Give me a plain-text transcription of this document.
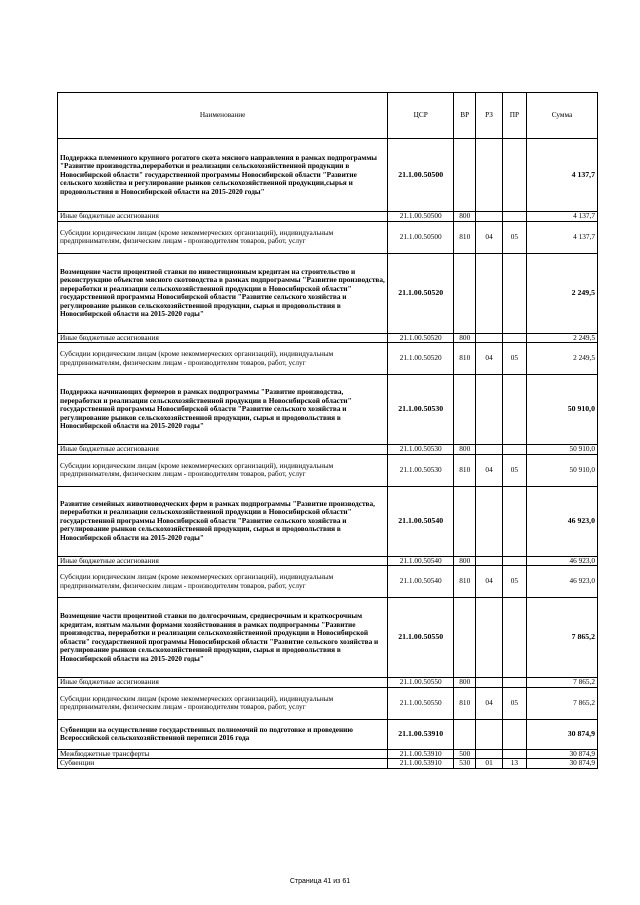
Наименование	ЦСР	ВР	РЗ	ПР	Сумма
Поддержка племенного крупного рогатого скота мясного направления в рамках подпрограммы "Развитие производства,переработки и реализации сельскохозяйственной продукции в Новосибирской области" государственной программы Новосибирской области "Развитие сельского хозяйства и регулирование рынков сельскохозяйственной продукции,сырья и продовольствия в Новосибирской области на 2015-2020 годы"	21.1.00.50500				4 137,7
Иные бюджетные ассигнования	21.1.00.50500	800			4 137,7
Субсидии юридическим лицам (кроме некоммерческих организаций), индивидуальным предпринимателям, физическим лицам - производителям товаров, работ, услуг	21.1.00.50500	810	04	05	4 137,7
Возмещение части процентной ставки по инвестиционным кредитам на строительство и реконструкцию объектов мясного скотоводства в рамках подпрограммы "Развитие производства, переработки и реализации сельскохозяйственной продукции в Новосибирской области" государственной программы Новосибирской области "Развитие сельского хозяйства и регулирование рынков сельскохозяйственной продукции, сырья и продовольствия в Новосибирской области на 2015-2020 годы"	21.1.00.50520				2 249,5
Иные бюджетные ассигнования	21.1.00.50520	800			2 249,5
Субсидии юридическим лицам (кроме некоммерческих организаций), индивидуальным предпринимателям, физическим лицам - производителям товаров, работ, услуг	21.1.00.50520	810	04	05	2 249,5
Поддержка начинающих фермеров в рамках подпрограммы "Развитие производства, переработки и реализации сельскохозяйственной продукции в Новосибирской области" государственной программы Новосибирской области "Развитие сельского хозяйства и регулирование рынков сельскохозяйственной продукции, сырья и продовольствия в Новосибирской области на 2015-2020 годы"	21.1.00.50530				50 910,0
Иные бюджетные ассигнования	21.1.00.50530	800			50 910,0
Субсидии юридическим лицам (кроме некоммерческих организаций), индивидуальным предпринимателям, физическим лицам - производителям товаров, работ, услуг	21.1.00.50530	810	04	05	50 910,0
Развитие семейных животноводческих ферм в рамках подпрограммы "Развитие производства, переработки и реализации сельскохозяйственной продукции в Новосибирской области" государственной программы Новосибирской области "Развитие сельского хозяйства и регулирование рынков сельскохозяйственной продукции, сырья и продовольствия в Новосибирской области на 2015-2020 годы"	21.1.00.50540				46 923,0
Иные бюджетные ассигнования	21.1.00.50540	800			46 923,0
Субсидии юридическим лицам (кроме некоммерческих организаций), индивидуальным предпринимателям, физическим лицам - производителям товаров, работ, услуг	21.1.00.50540	810	04	05	46 923,0
Возмещение части процентной ставки по долгосрочным, среднесрочным и краткосрочным кредитам, взятым малыми формами хозяйствования в рамках подпрограммы "Развитие производства, переработки и реализации сельскохозяйственной продукции в Новосибирской области" государственной программы Новосибирской области "Развитие сельского хозяйства и регулирование рынков сельскохозяйственной продукции, сырья и продовольствия в Новосибирской области на 2015-2020 годы"	21.1.00.50550				7 865,2
Иные бюджетные ассигнования	21.1.00.50550	800			7 865,2
Субсидии юридическим лицам (кроме некоммерческих организаций), индивидуальным предпринимателям, физическим лицам - производителям товаров, работ, услуг	21.1.00.50550	810	04	05	7 865,2
Субвенции на осуществление государственных полномочий по подготовке и проведению Всероссийской сельскохозяйственной переписи 2016 года	21.1.00.53910				30 874,9
Межбюджетные трансферты	21.1.00.53910	500			30 874,9
Субвенции	21.1.00.53910	530	01	13	30 874,9
Страница 41 из 61
